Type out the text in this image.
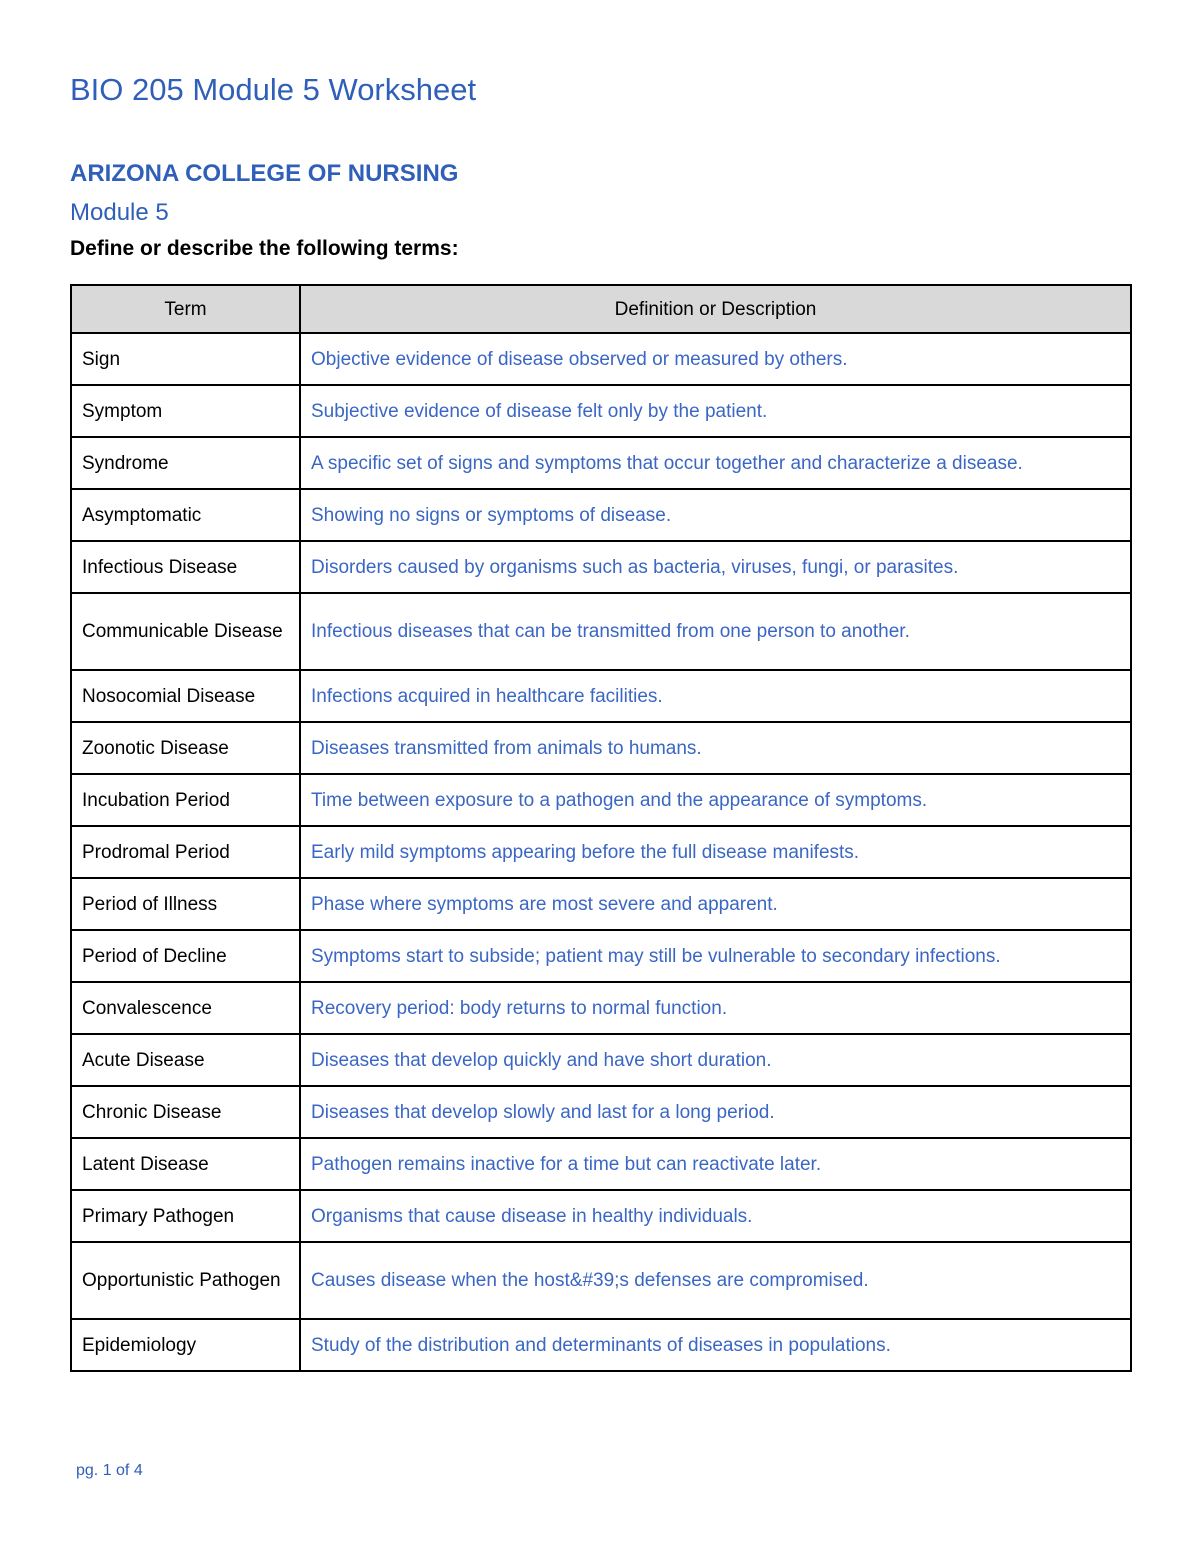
BIO 205 Module 5 Worksheet
ARIZONA COLLEGE OF NURSING
Module 5
Define or describe the following terms:
Term	Definition or Description
Sign	Objective evidence of disease observed or measured by others.
Symptom	Subjective evidence of disease felt only by the patient.
Syndrome	A specific set of signs and symptoms that occur together and characterize a disease.
Asymptomatic	Showing no signs or symptoms of disease.
Infectious Disease	Disorders caused by organisms such as bacteria, viruses, fungi, or parasites.
Communicable Disease	Infectious diseases that can be transmitted from one person to another.
Nosocomial Disease	Infections acquired in healthcare facilities.
Zoonotic Disease	Diseases transmitted from animals to humans.
Incubation Period	Time between exposure to a pathogen and the appearance of symptoms.
Prodromal Period	Early mild symptoms appearing before the full disease manifests.
Period of Illness	Phase where symptoms are most severe and apparent.
Period of Decline	Symptoms start to subside; patient may still be vulnerable to secondary infections.
Convalescence	Recovery period: body returns to normal function.
Acute Disease	Diseases that develop quickly and have short duration.
Chronic Disease	Diseases that develop slowly and last for a long period.
Latent Disease	Pathogen remains inactive for a time but can reactivate later.
Primary Pathogen	Organisms that cause disease in healthy individuals.
Opportunistic Pathogen	Causes disease when the host&#39;s defenses are compromised.
Epidemiology	Study of the distribution and determinants of diseases in populations.
pg. 1 of 4
